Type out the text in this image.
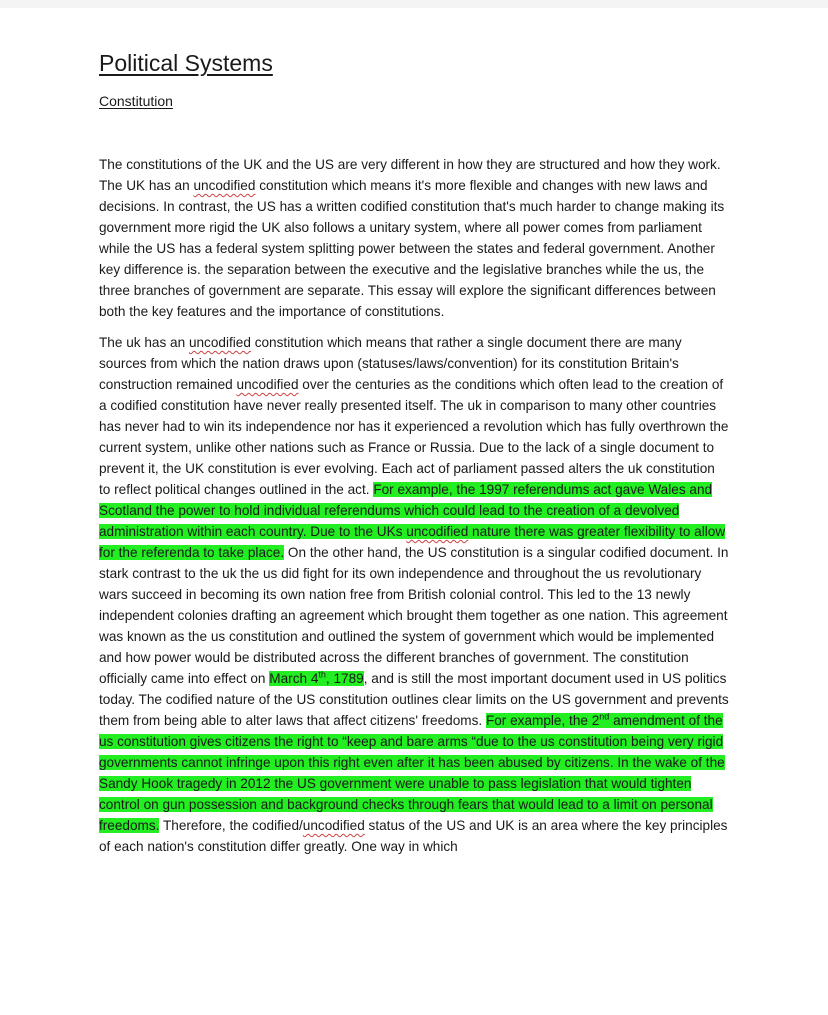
Political Systems

Constitution

The constitutions of the UK and the US are very different in how they are structured and how they work. The UK has an uncodified constitution which means it's more flexible and changes with new laws and decisions. In contrast, the US has a written codified constitution that's much harder to change making its government more rigid the UK also follows a unitary system, where all power comes from parliament while the US has a federal system splitting power between the states and federal government. Another key difference is. the separation between the executive and the legislative branches while the us, the three branches of government are separate. This essay will explore the significant differences between both the key features and the importance of constitutions.

The uk has an uncodified constitution which means that rather a single document there are many sources from which the nation draws upon (statuses/laws/convention) for its constitution Britain's construction remained uncodified over the centuries as the conditions which often lead to the creation of a codified constitution have never really presented itself. The uk in comparison to many other countries has never had to win its independence nor has it experienced a revolution which has fully overthrown the current system, unlike other nations such as France or Russia. Due to the lack of a single document to prevent it, the UK constitution is ever evolving. Each act of parliament passed alters the uk constitution to reflect political changes outlined in the act. For example, the 1997 referendums act gave Wales and Scotland the power to hold individual referendums which could lead to the creation of a devolved administration within each country. Due to the UKs uncodified nature there was greater flexibility to allow for the referenda to take place. On the other hand, the US constitution is a singular codified document. In stark contrast to the uk the us did fight for its own independence and throughout the us revolutionary wars succeed in becoming its own nation free from British colonial control. This led to the 13 newly independent colonies drafting an agreement which brought them together as one nation. This agreement was known as the us constitution and outlined the system of government which would be implemented and how power would be distributed across the different branches of government. The constitution officially came into effect on March 4th, 1789, and is still the most important document used in US politics today. The codified nature of the US constitution outlines clear limits on the US government and prevents them from being able to alter laws that affect citizens' freedoms. For example, the 2nd amendment of the us constitution gives citizens the right to “keep and bare arms “due to the us constitution being very rigid governments cannot infringe upon this right even after it has been abused by citizens. In the wake of the Sandy Hook tragedy in 2012 the US government were unable to pass legislation that would tighten control on gun possession and background checks through fears that would lead to a limit on personal freedoms. Therefore, the codified/uncodified status of the US and UK is an area where the key principles of each nation's constitution differ greatly. One way in which
